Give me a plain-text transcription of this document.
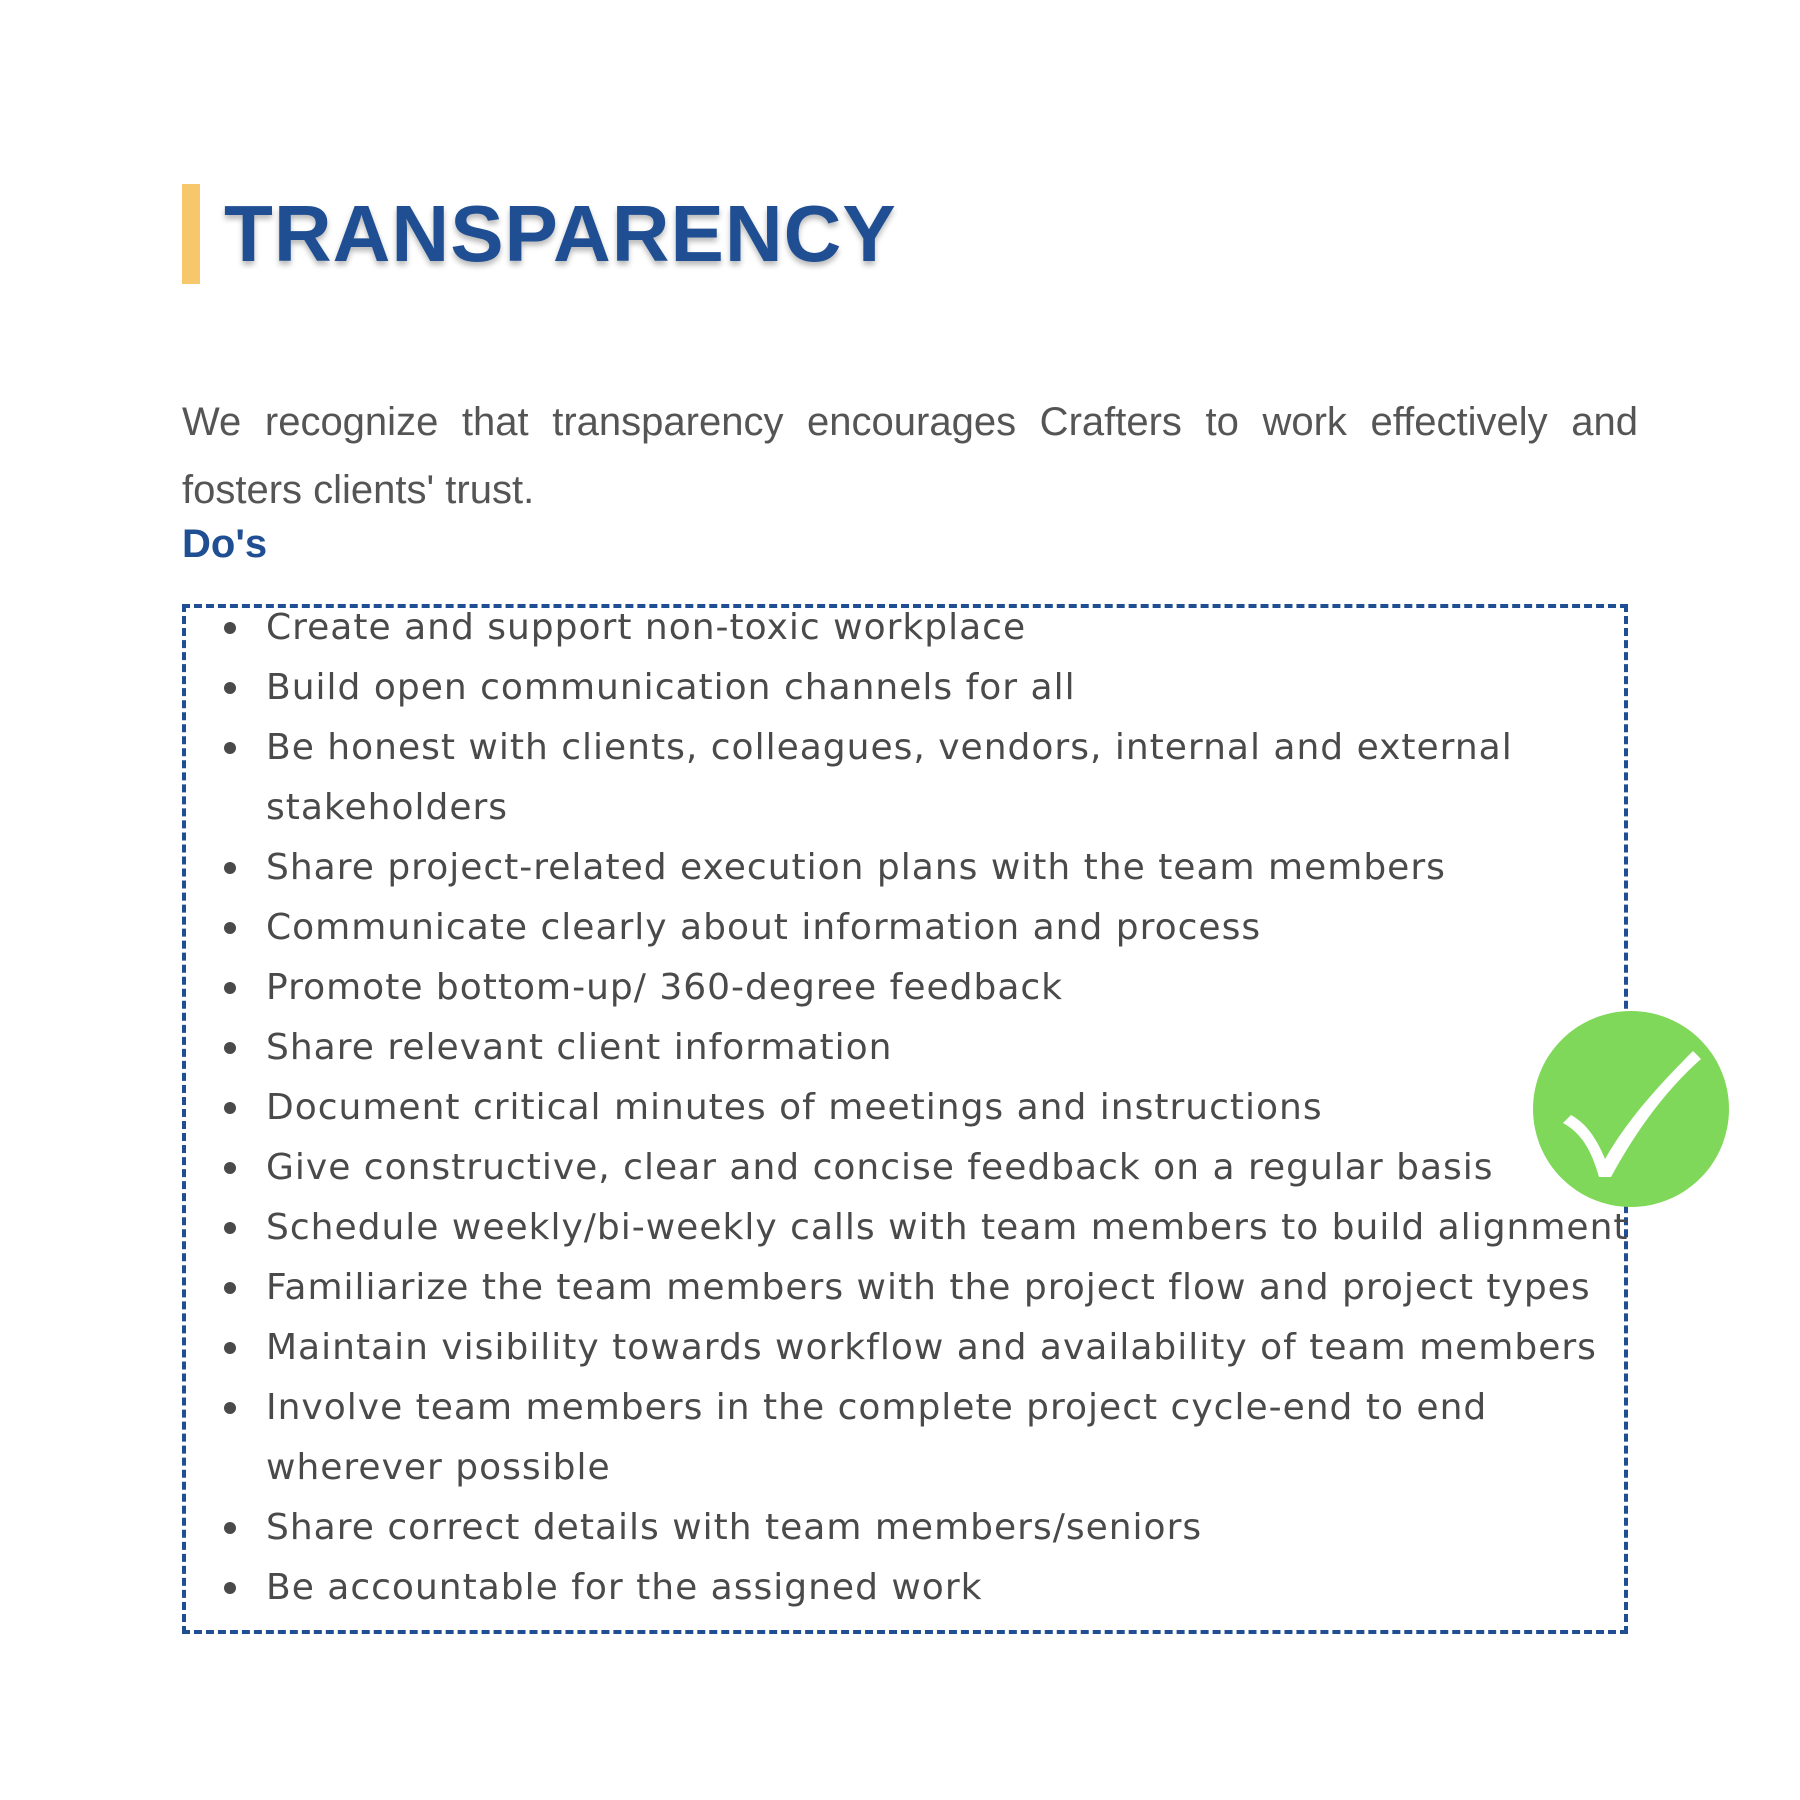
TRANSPARENCY

We recognize that transparency encourages Crafters to work effectively and fosters clients' trust.

Do's
Create and support non-toxic workplace
Build open communication channels for all
Be honest with clients, colleagues, vendors, internal and external stakeholders
Share project-related execution plans with the team members
Communicate clearly about information and process
Promote bottom-up/ 360-degree feedback
Share relevant client information
Document critical minutes of meetings and instructions
Give constructive, clear and concise feedback on a regular basis
Schedule weekly/bi-weekly calls with team members to build alignment
Familiarize the team members with the project flow and project types
Maintain visibility towards workflow and availability of team members
Involve team members in the complete project cycle-end to end wherever possible
Share correct details with team members/seniors
Be accountable for the assigned work
